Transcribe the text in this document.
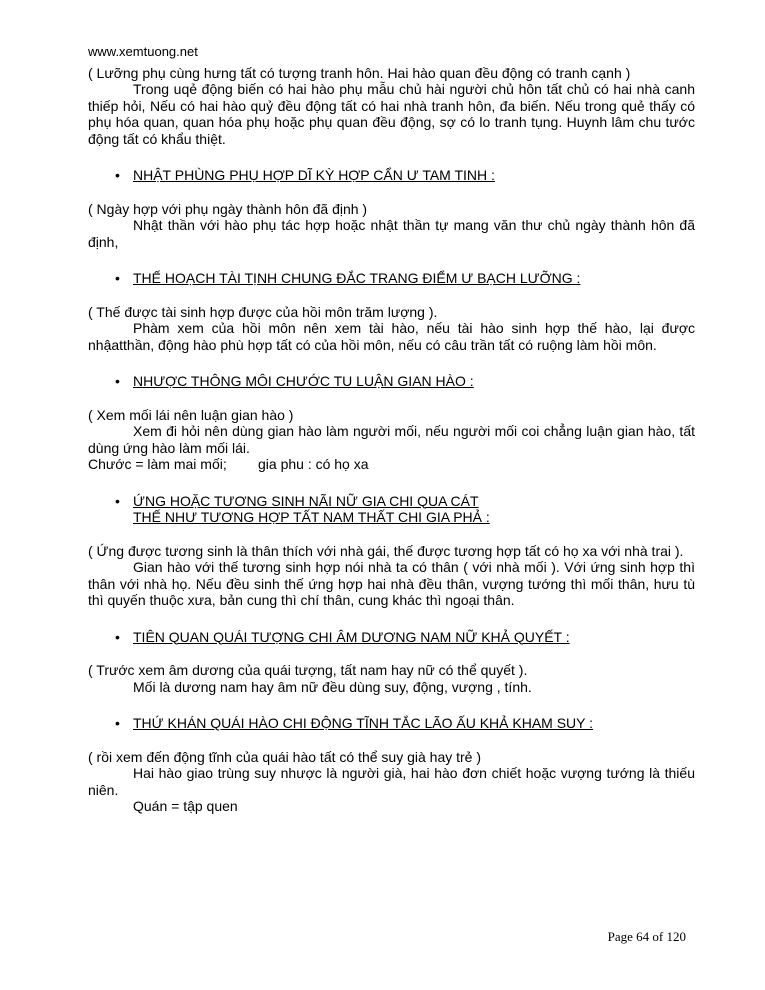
www.xemtuong.net

( Lưỡng phụ cùng hưng tất có tượng tranh hôn. Hai hào quan đều động có tranh cạnh )

Trong uqẻ động biến có hai hào phụ mẫu chủ hài người chủ hôn tất chủ có hai nhà canh thiếp hỏi, Nếu có hai hào quỷ đều động tất có hai nhà tranh hôn, đa biến. Nếu trong quẻ thấy có phụ hóa quan, quan hóa phụ hoặc phụ quan đều động, sợ có lo tranh tụng. Huynh lâm chu tước động tất có khẩu thiệt.

• NHẬT PHÙNG PHỤ HỢP DĨ KỲ HỢP CẨN Ư TAM TINH :

( Ngày hợp với phụ ngày thành hôn đã định )

Nhật thần với hào phụ tác hợp hoặc nhật thần tự mang văn thư chủ ngày thành hôn đã định,

• THẾ HOẠCH TÀI TỊNH CHUNG ĐẮC TRANG ĐIỂM Ư BẠCH LƯỠNG :

( Thế được tài sinh hợp được của hồi môn trăm lượng ).

Phàm xem của hồi môn nên xem tài hào, nếu tài hào sinh hợp thế hào, lại được nhậatthần, động hào phù hợp tất có của hồi môn, nếu có câu trần tất có ruộng làm hồi môn.

• NHƯỢC THÔNG MÔI CHƯỚC TU LUẬN GIAN HÀO :

( Xem mối lái nên luận gian hào )

Xem đi hỏi nên dùng gian hào làm người mối, nếu người mối coi chẳng luận gian hào, tất dùng ứng hào làm mối lái.

Chước = làm mai mối; gia phu : có họ xa

• ỨNG HOẶC TƯƠNG SINH NÃI NỮ GIA CHI QUA CÁT
THẾ NHƯ TƯƠNG HỢP TẤT NAM THẤT CHI GIA PHẢ :

( Ứng được tương sinh là thân thích với nhà gái, thế được tương hợp tất có họ xa với nhà trai ).

Gian hào với thế tương sinh hợp nói nhà ta có thân ( với nhà mối ). Với ứng sinh hợp thì thân với nhà họ. Nếu đều sinh thế ứng hợp hai nhà đều thân, vượng tướng thì mối thân, hưu tù thì quyến thuộc xưa, bản cung thì chí thân, cung khác thì ngoại thân.

• TIÊN QUAN QUÁI TƯỢNG CHI ÂM DƯƠNG NAM NỮ KHẢ QUYẾT :

( Trước xem âm dương của quái tượng, tất nam hay nữ có thể quyết ).

Mối là dương nam hay âm nữ đều dùng suy, động, vượng , tính.

• THỨ KHÁN QUÁI HÀO CHI ĐỘNG TĨNH TẮC LÃO ẤU KHẢ KHAM SUY :

( rồi xem đến động tĩnh của quái hào tất có thể suy già hay trẻ )

Hai hào giao trùng suy nhược là người già, hai hào đơn chiết hoặc vượng tướng là thiếu niên.

Quán = tập quen

Page 64 of 120
